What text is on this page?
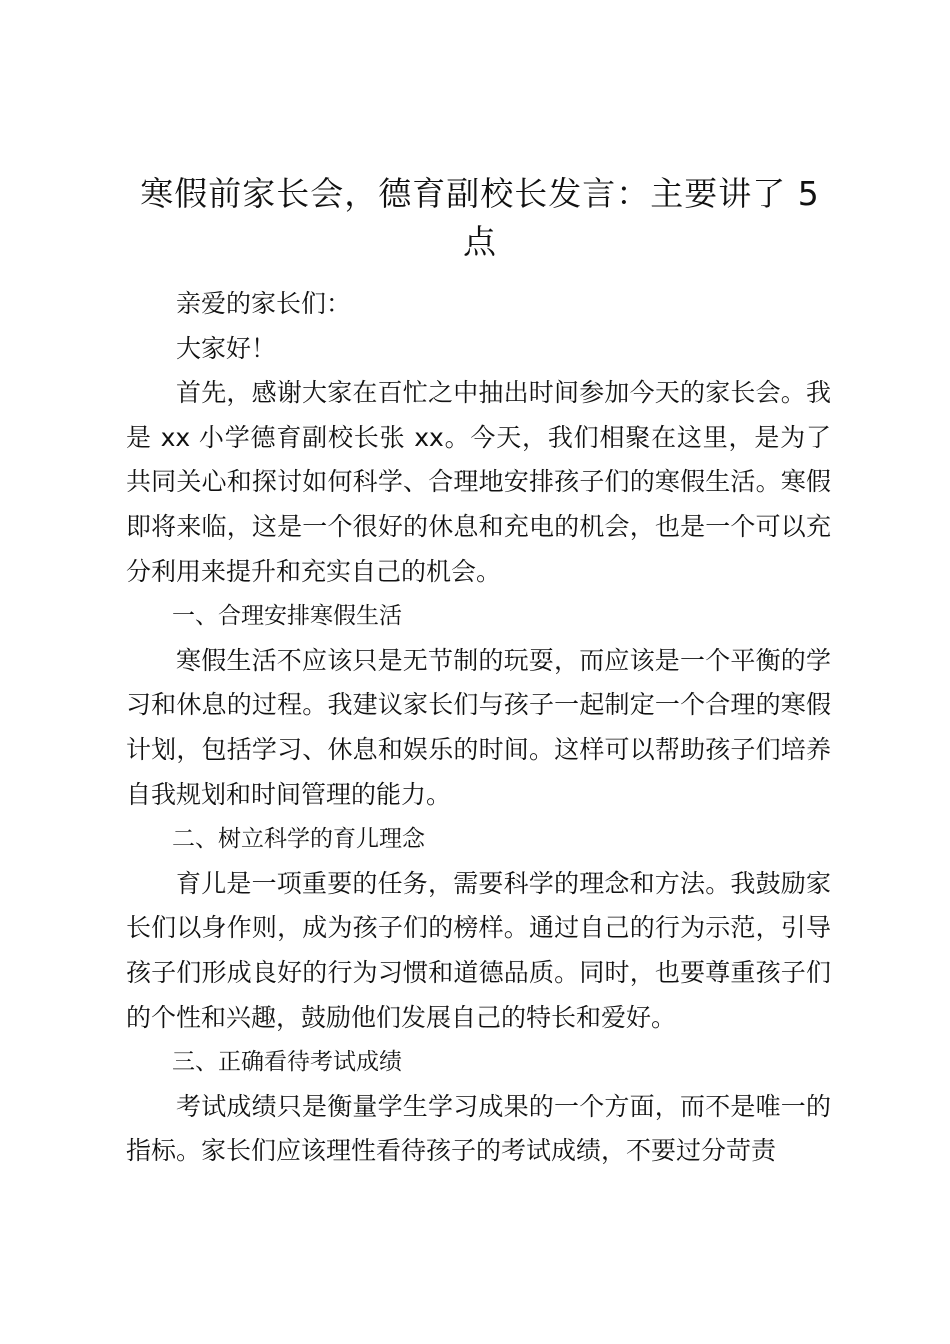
寒假前家长会，德育副校长发言：主要讲了 5 点

亲爱的家长们：

大家好！

首先，感谢大家在百忙之中抽出时间参加今天的家长会。我是 xx 小学德育副校长张 xx。今天，我们相聚在这里，是为了共同关心和探讨如何科学、合理地安排孩子们的寒假生活。寒假即将来临，这是一个很好的休息和充电的机会，也是一个可以充分利用来提升和充实自己的机会。

一、合理安排寒假生活

寒假生活不应该只是无节制的玩耍，而应该是一个平衡的学习和休息的过程。我建议家长们与孩子一起制定一个合理的寒假计划，包括学习、休息和娱乐的时间。这样可以帮助孩子们培养自我规划和时间管理的能力。

二、树立科学的育儿理念

育儿是一项重要的任务，需要科学的理念和方法。我鼓励家长们以身作则，成为孩子们的榜样。通过自己的行为示范，引导孩子们形成良好的行为习惯和道德品质。同时，也要尊重孩子们的个性和兴趣，鼓励他们发展自己的特长和爱好。

三、正确看待考试成绩

考试成绩只是衡量学生学习成果的一个方面，而不是唯一的指标。家长们应该理性看待孩子的考试成绩，不要过分苛责
